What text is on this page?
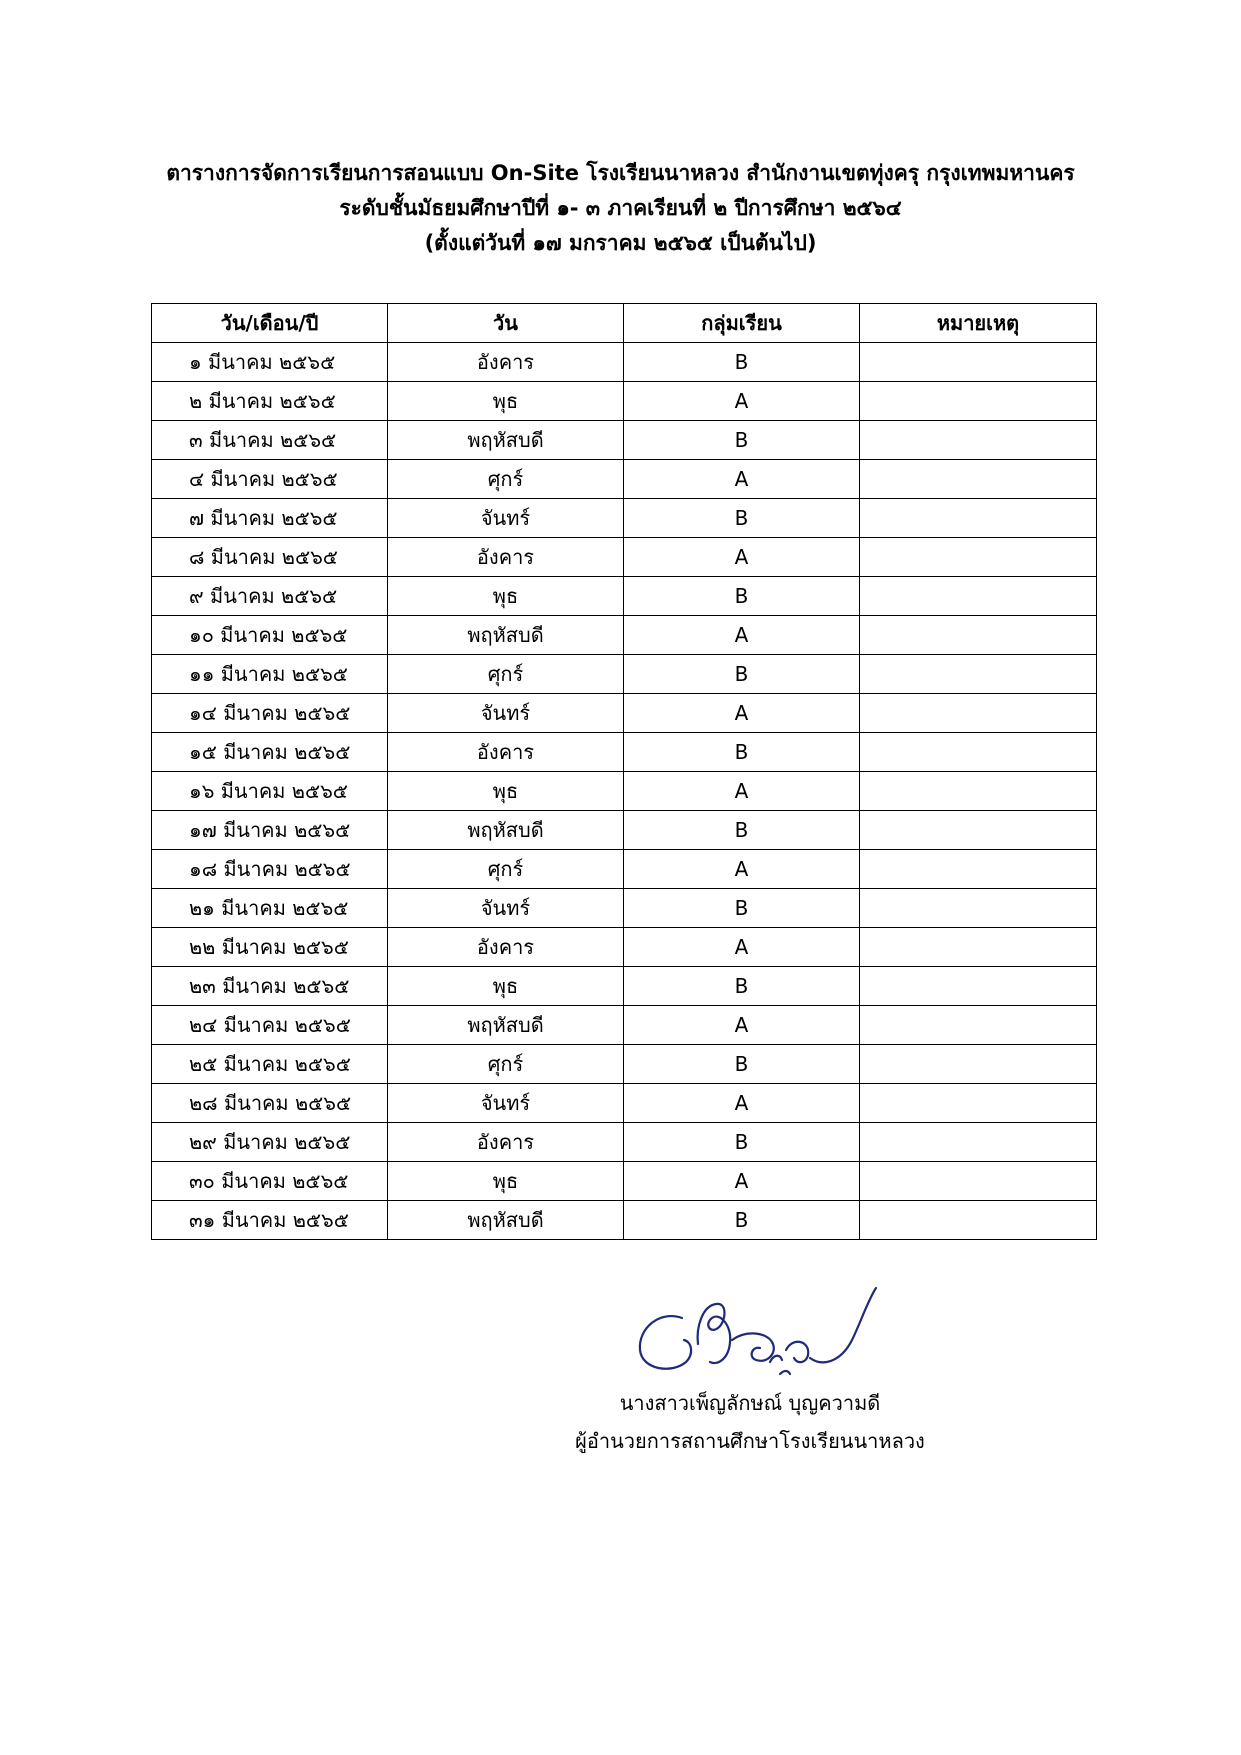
ตารางการจัดการเรียนการสอนแบบ On-Site โรงเรียนนาหลวง สำนักงานเขตทุ่งครุ กรุงเทพมหานคร
ระดับชั้นมัธยมศึกษาปีที่ ๑- ๓ ภาคเรียนที่ ๒ ปีการศึกษา ๒๕๖๔
(ตั้งแต่วันที่ ๑๗ มกราคม ๒๕๖๕ เป็นต้นไป)
วัน/เดือน/ปี	วัน	กลุ่มเรียน	หมายเหตุ
๑ มีนาคม ๒๕๖๕	อังคาร	B	
๒ มีนาคม ๒๕๖๕	พุธ	A	
๓ มีนาคม ๒๕๖๕	พฤหัสบดี	B	
๔ มีนาคม ๒๕๖๕	ศุกร์	A	
๗ มีนาคม ๒๕๖๕	จันทร์	B	
๘ มีนาคม ๒๕๖๕	อังคาร	A	
๙ มีนาคม ๒๕๖๕	พุธ	B	
๑๐ มีนาคม ๒๕๖๕	พฤหัสบดี	A	
๑๑ มีนาคม ๒๕๖๕	ศุกร์	B	
๑๔ มีนาคม ๒๕๖๕	จันทร์	A	
๑๕ มีนาคม ๒๕๖๕	อังคาร	B	
๑๖ มีนาคม ๒๕๖๕	พุธ	A	
๑๗ มีนาคม ๒๕๖๕	พฤหัสบดี	B	
๑๘ มีนาคม ๒๕๖๕	ศุกร์	A	
๒๑ มีนาคม ๒๕๖๕	จันทร์	B	
๒๒ มีนาคม ๒๕๖๕	อังคาร	A	
๒๓ มีนาคม ๒๕๖๕	พุธ	B	
๒๔ มีนาคม ๒๕๖๕	พฤหัสบดี	A	
๒๕ มีนาคม ๒๕๖๕	ศุกร์	B	
๒๘ มีนาคม ๒๕๖๕	จันทร์	A	
๒๙ มีนาคม ๒๕๖๕	อังคาร	B	
๓๐ มีนาคม ๒๕๖๕	พุธ	A	
๓๑ มีนาคม ๒๕๖๕	พฤหัสบดี	B	
นางสาวเพ็ญลักษณ์ บุญความดี
ผู้อำนวยการสถานศึกษาโรงเรียนนาหลวง
